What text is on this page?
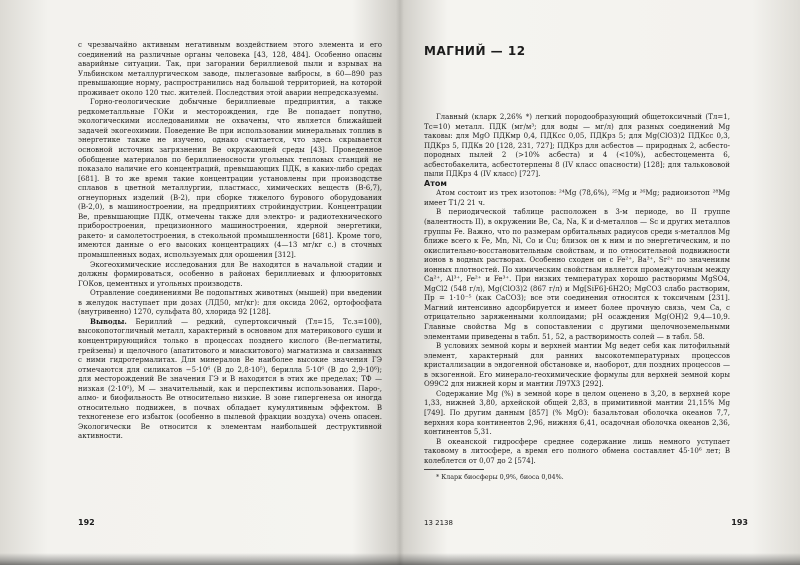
с чрезвычайно активным негативным воздействием этого элемента и его соединений на различные органы человека [43, 128, 484]. Особенно опасны аварийные ситуации. Так, при загорании бериллиевой пыли и взрывах на Ульбинском металлургическом заводе, пылегазовые выбросы, в 60—890 раз превышающие норму, распространились над большой территорией, на которой проживает около 120 тыс. жителей. Последствия этой аварии непредсказуемы.

Горно-геологические добычные бериллиевые предприятия, а также редкометалльные ГОКи и месторождения, где Be попадает попутно, экологическими исследованиями не охвачены, что является ближайшей задачей экогеохимии. Поведение Be при использовании минеральных топлив в энергетике также не изучено, однако считается, что здесь скрывается основной источник загрязнения Be окружающей среды [43]. Проведенное обобщение материалов по бериллиеносности угольных тепловых станций не показало наличие его концентраций, превышающих ПДК, в каких-либо средах [681]. В то же время такие концентрации установлены при производстве сплавов в цветной металлургии, пластмасс, химических веществ (В-6,7), огнеупорных изделий (В-2), при сборке тяжелого бурового оборудования (В-2,0), в машиностроении, на предприятиях стройиндустрии. Концентрации Be, превышающие ПДК, отмечены также для электро- и радиотехнического приборостроения, прецизионного машиностроения, ядерной энергетики, ракето- и самолетостроения, в стекольной промышленности [681]. Кроме того, имеются данные о его высоких концентрациях (4—13 мг/кг с.) в сточных промышленных водах, используемых для орошения [312].

Экогеохимические исследования для Be находятся в начальной стадии и должны формироваться, особенно в районах бериллиевых и флюоритовых ГОКов, цементных и угольных производств.

Отравление соединениями Be подопытных животных (мышей) при введении в желудок наступает при дозах (ЛД50, мг/кг): для оксида 2062, ортофосфата (внутривенно) 1270, сульфата 80, хлорида 92 [128].

Выводы. Бериллий — редкий, супертоксичный (Тл=15, Тс.з=100), высокопотогличный металл, характерный в основном для материкового суши и концентрирующийся только в процессах позднего кислого (Be-пегматиты, грейзены) и щелочного (апатитового и миаскитового) магматизма и связанных с ними гидротермалитах. Для минералов Be наиболее высокие значения ГЭ отмечаются для силикатов −5·10⁶ (В до 2,8·10⁵), берилла 5·10⁶ (В до 2,9·10⁶); для месторождений Be значения ГЭ и В находятся в этих же пределах; ТФ — низкая (2·10⁶), М — значительный, как и перспективы использования. Паро-, алмо- и биофильность Be относительно низкие. В зоне гипергенеза он иногда относительно подвижен, в почвах обладает кумулятивным эффектом. В техногенезе его избыток (особенно в пылевой фракции воздуха) очень опасен. Экологически Be относится к элементам наибольшей деструктивной активности.

192
МАГНИЙ — 12

Главный (кларк 2,26% *) легкий породообразующий общетоксичный (Тл=1, Тс=10) металл. ПДК (мг/м³; для воды — мг/л) для разных соединений Mg таковы: для MgO ПДКмр 0,4, ПДКсс 0,05, ПДКрз 5; для Mg(ClO3)2 ПДКсс 0,3, ПДКрз 5, ПДКв 20 [128, 231, 727]; ПДКрз для асбестов — природных 2, асбесто-породных пылей 2 (>10% асбеста) и 4 (<10%), асбестоцемента 6, асбестобакелита, асбестотерпены 8 (IV класс опасности) [128]; для талькововой пыли ПДКрз 4 (IV класс) [727].

Атом

Атом состоит из трех изотопов: ²⁴Mg (78,6%), ²⁵Mg и ²⁶Mg; радиоизотоп ²⁸Mg имеет T1/2 21 ч.

В периодической таблице расположен в 3-м периоде, во II группе (валентность II), в окружении Be, Ca, Na, K и d-металлов — Sc и других металлов группы Fe. Важно, что по размерам орбитальных радиусов среди s-металлов Mg ближе всего к Fe, Mn, Ni, Co и Cu; близок он к ним и по энергетическим, и по окислительно-восстановительным свойствам, и по относительной подвижности ионов в водных растворах. Особенно сходен он с Fe²⁺, Ba²⁺, Sr²⁺ по значениям ионных плотностей. По химическим свойствам является промежуточным между Ca²⁺, Al³⁺, Fe²⁺ и Fe³⁺. При низких температурах хорошо растворимы MgSO4, MgCl2 (548 г/л), Mg(ClO3)2 (867 г/л) и Mg[SiF6]·6H2O; MgCO3 слабо растворим, Пр = 1·10⁻⁵ (как CaCO3); все эти соединения относятся к токсичным [231]. Магний интенсивно адсорбируется и имеет более прочную связь, чем Ca, с отрицательно заряженными коллоидами; pH осаждения Mg(OH)2 9,4—10,9. Главные свойства Mg в сопоставлении с другими щелочноземельными элементами приведены в табл. 51, 52, а растворимость солей — в табл. 58.

В условиях земной коры и верхней мантии Mg ведет себя как литофильный элемент, характерный для ранних высокотемпературных процессов кристаллизации в эндогенной обстановке и, наоборот, для поздних процессов — в экзогенной. Его минерало-геохимические формулы для верхней земной коры O99C2 для нижней коры и мантии Л97Х3 [292].

Содержание Mg (%) в земной коре в целом оценено в 3,20, в верхней коре 1,33, нижней 3,80, архейской общей 2,83, в примитивной мантии 21,15% Mg [749]. По другим данным [857] (% MgO): базальтовая оболочка океанов 7,7, верхняя кора континентов 2,96, нижняя 6,41, осадочная оболочка океанов 2,36, континентов 5,31.

В океанской гидросфере среднее содержание лишь немного уступает таковому в литосфере, а время его полного обмена составляет 45·10⁶ лет; В колеблется от 0,07 до 2 [574].

* Кларк биосферы 0,9%, биоса 0,04%.

13 2138	193
